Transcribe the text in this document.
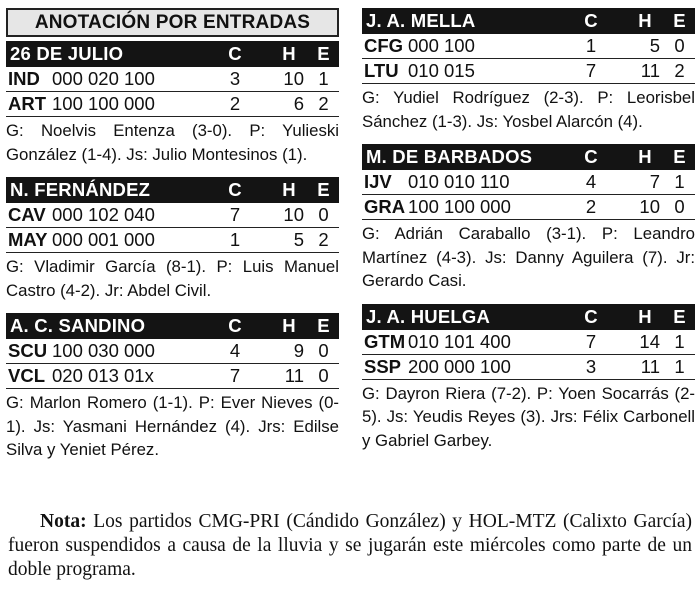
ANOTACIÓN POR ENTRADAS
26 DE JULIO	C	H	E
IND 000 020 100	3	10 1
ART 100 100 000	2	6 2

G: Noelvis Entenza (3-0). P: Yulieski González (1-4). Js: Julio Montesinos (1).

N. FERNÁNDEZ	C	H	E
CAV 000 102 040	7	10 0
MAY 000 001 000	1	5 2

G: Vladimir García (8-1). P: Luis Manuel Castro (4-2). Jr: Abdel Civil.

A. C. SANDINO	C	H	E
SCU 100 030 000	4	9 0
VCL 020 013 01x	7	11 0

G: Marlon Romero (1-1). P: Ever Nieves (0-1). Js: Yasmani Hernández (4). Jrs: Edilse Silva y Yeniet Pérez.

J. A. MELLA	C	H	E
CFG 000 100	1	5 0
LTU 010 015	7	11 2

G: Yudiel Rodríguez (2-3). P: Leorisbel Sánchez (1-3). Js: Yosbel Alarcón (4).

M. DE BARBADOS	C	H	E
IJV 010 010 110	4	7 1
GRA 100 100 000	2	10 0

G: Adrián Caraballo (3-1). P: Leandro Martínez (4-3). Js: Danny Aguilera (7). Jr: Gerardo Casi.

J. A. HUELGA	C	H	E
GTM 010 101 400	7	14 1
SSP 200 000 100	3	11 1

G: Dayron Riera (7-2). P: Yoen Socarrás (2-5). Js: Yeudis Reyes (3). Jrs: Félix Carbonell y Gabriel Garbey.

Nota: Los partidos CMG-PRI (Cándido González) y HOL-MTZ (Calixto García) fueron suspendidos a causa de la lluvia y se jugarán este miércoles como parte de un doble programa.
